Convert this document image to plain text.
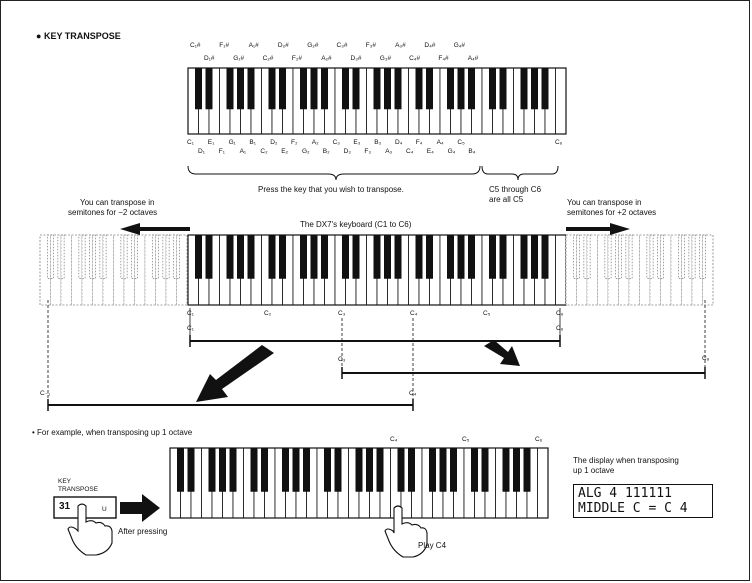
● KEY TRANSPOSE
C₁#	F₁#	A₁#	D₂#	G₂#	C₃#	F₃#	A₃#	D₄#	G₄#
D₁#	G₁#	C₂#	F₂#	A₂#	D₃#	G₃#	C₄#	F₄#	A₄#
C₁ E₁ G₁ B₁ D₂ F₂ A₂ C₃ E₃ B₃ D₄ F₄ A₄ C₅	C₆
D₁ F₁ A₁ C₂ E₂ G₂ B₂ D₃ F₃ A₃ C₄ E₄ G₄ B₄
Press the key that you wish to transpose.	C5 through C6
are all C5
You can transpose in
semitones for −2 octaves
You can transpose in
semitones for +2 octaves
The DX7's keyboard (C1 to C6)
C₁	C₂	C₃	C₄	C₅	C₆
C₁	C₆
C₃	C₈
C₋₁	C₄
• For example, when transposing up 1 octave
C₄	C₅	C₆
KEY
TRANSPOSE
31	U
After pressing
Play C4
The display when transposing
up 1 octave
ALG 4 111111
MIDDLE C = C 4
